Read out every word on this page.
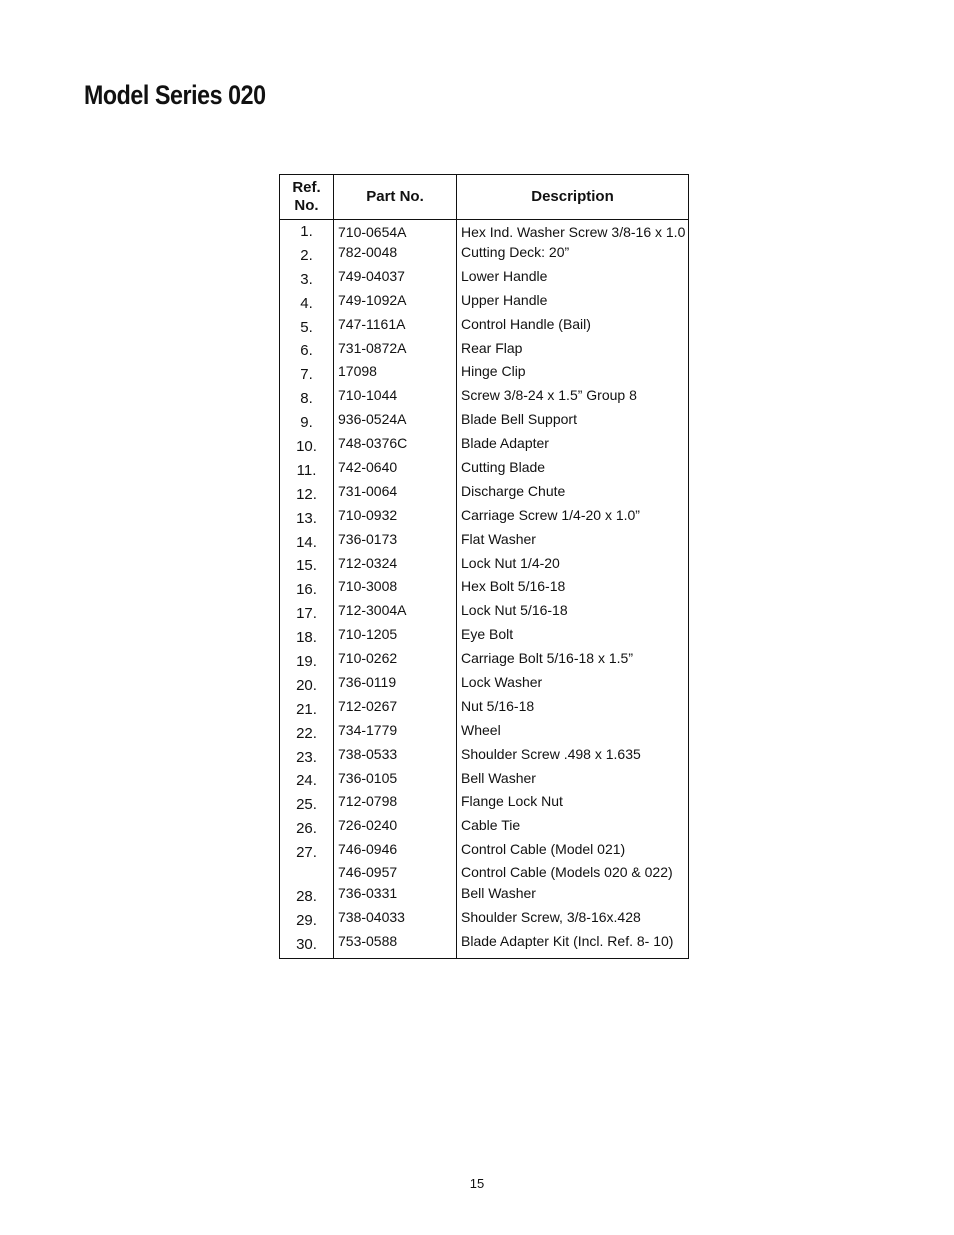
Model Series 020
Ref.
No.	Part No.	Description
1.	710-0654A	Hex Ind. Washer Screw 3/8-16 x 1.0
2.	782-0048	Cutting Deck: 20”
3.	749-04037	Lower Handle
4.	749-1092A	Upper Handle
5.	747-1161A	Control Handle (Bail)
6.	731-0872A	Rear Flap
7.	17098	Hinge Clip
8.	710-1044	Screw 3/8-24 x 1.5” Group 8
9.	936-0524A	Blade Bell Support
10.	748-0376C	Blade Adapter
11.	742-0640	Cutting Blade
12.	731-0064	Discharge Chute
13.	710-0932	Carriage Screw 1/4-20 x 1.0”
14.	736-0173	Flat Washer
15.	712-0324	Lock Nut 1/4-20
16.	710-3008	Hex Bolt 5/16-18
17.	712-3004A	Lock Nut 5/16-18
18.	710-1205	Eye Bolt
19.	710-0262	Carriage Bolt 5/16-18 x 1.5”
20.	736-0119	Lock Washer
21.	712-0267	Nut 5/16-18
22.	734-1779	Wheel
23.	738-0533	Shoulder Screw .498 x 1.635
24.	736-0105	Bell Washer
25.	712-0798	Flange Lock Nut
26.	726-0240	Cable Tie
27.	746-0946	Control Cable (Model 021)
	746-0957	Control Cable (Models 020 & 022)
28.	736-0331	Bell Washer
29.	738-04033	Shoulder Screw, 3/8-16x.428
30.	753-0588	Blade Adapter Kit (Incl. Ref. 8- 10)
15
